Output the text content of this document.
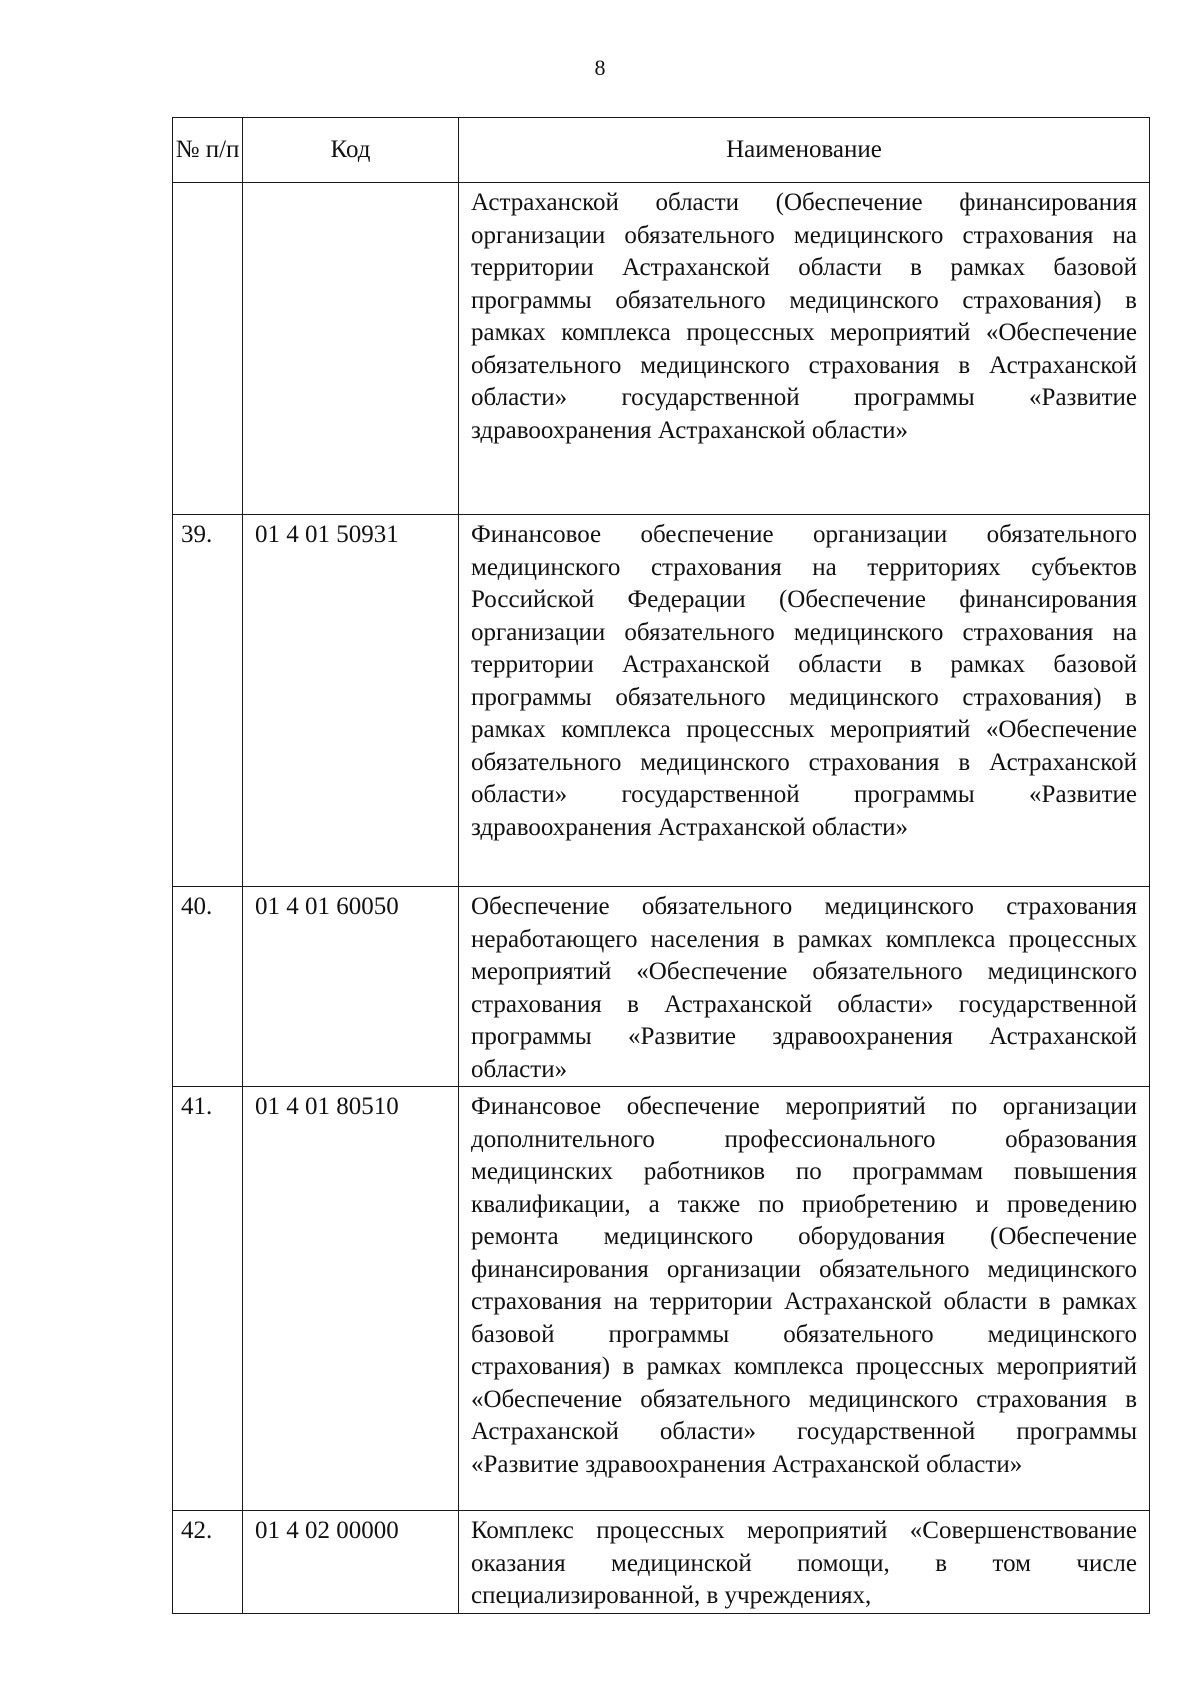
8
№ п/п	Код	Наименование
		Астраханской области (Обеспечение финансирования организации обязательного медицинского страхования на территории Астраханской области в рамках базовой программы обязательного медицинского страхования) в рамках комплекса процессных мероприятий «Обеспечение обязательного медицинского страхования в Астраханской области» государственной программы «Развитие здравоохранения Астраханской области»
39.	01 4 01 50931	Финансовое обеспечение организации обязательного медицинского страхования на территориях субъектов Российской Федерации (Обеспечение финансирования организации обязательного медицинского страхования на территории Астраханской области в рамках базовой программы обязательного медицинского страхования) в рамках комплекса процессных мероприятий «Обеспечение обязательного медицинского страхования в Астраханской области» государственной программы «Развитие здравоохранения Астраханской области»
40.	01 4 01 60050	Обеспечение обязательного медицинского страхования неработающего населения в рамках комплекса процессных мероприятий «Обеспечение обязательного медицинского страхования в Астраханской области» государственной программы «Развитие здравоохранения Астраханской области»
41.	01 4 01 80510	Финансовое обеспечение мероприятий по организации дополнительного профессионального образования медицинских работников по программам повышения квалификации, а также по приобретению и проведению ремонта медицинского оборудования (Обеспечение финансирования организации обязательного медицинского страхования на территории Астраханской области в рамках базовой программы обязательного медицинского страхования) в рамках комплекса процессных мероприятий «Обеспечение обязательного медицинского страхования в Астраханской области» государственной программы «Развитие здравоохранения Астраханской области»
42.	01 4 02 00000	Комплекс процессных мероприятий «Совершенствование оказания медицинской помощи, в том числе специализированной, в учреждениях,
